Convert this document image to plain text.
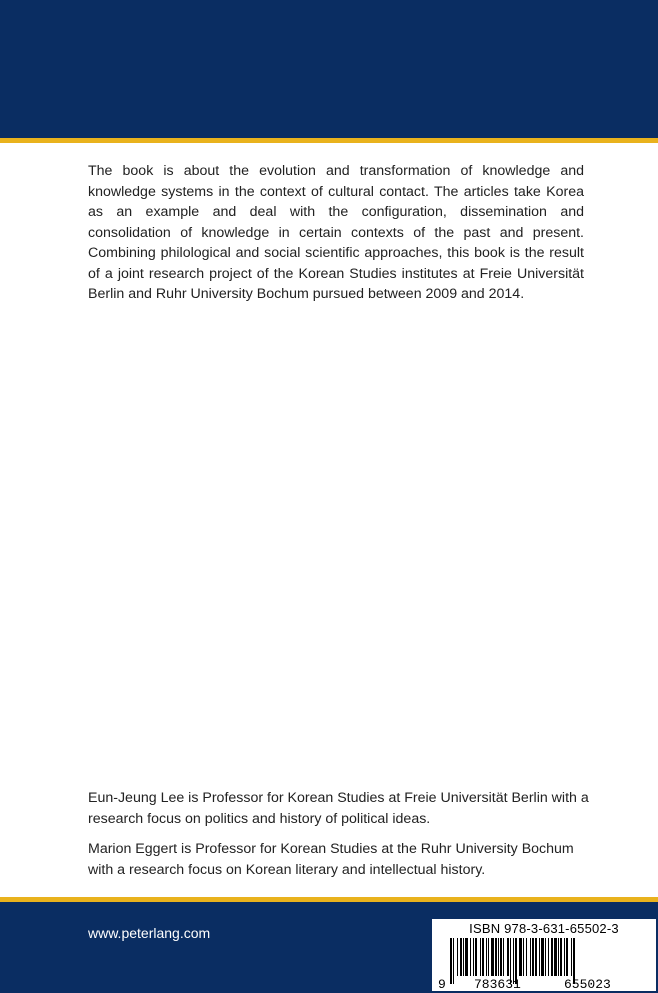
The book is about the evolution and transformation of knowledge and knowledge systems in the context of cultural contact. The articles take Korea as an example and deal with the configuration, dissemination and consolidation of knowledge in certain contexts of the past and present. Combining philological and social scientific approaches, this book is the result of a joint research project of the Korean Studies institutes at Freie Universität Berlin and Ruhr University Bochum pursued between 2009 and 2014.

Eun-Jeung Lee is Professor for Korean Studies at Freie Universität Berlin with a research focus on politics and history of political ideas.

Marion Eggert is Professor for Korean Studies at the Ruhr University Bochum with a research focus on Korean literary and intellectual history.

www.peterlang.com	ISBN 978-3-631-65502-3
9 783631	655023
